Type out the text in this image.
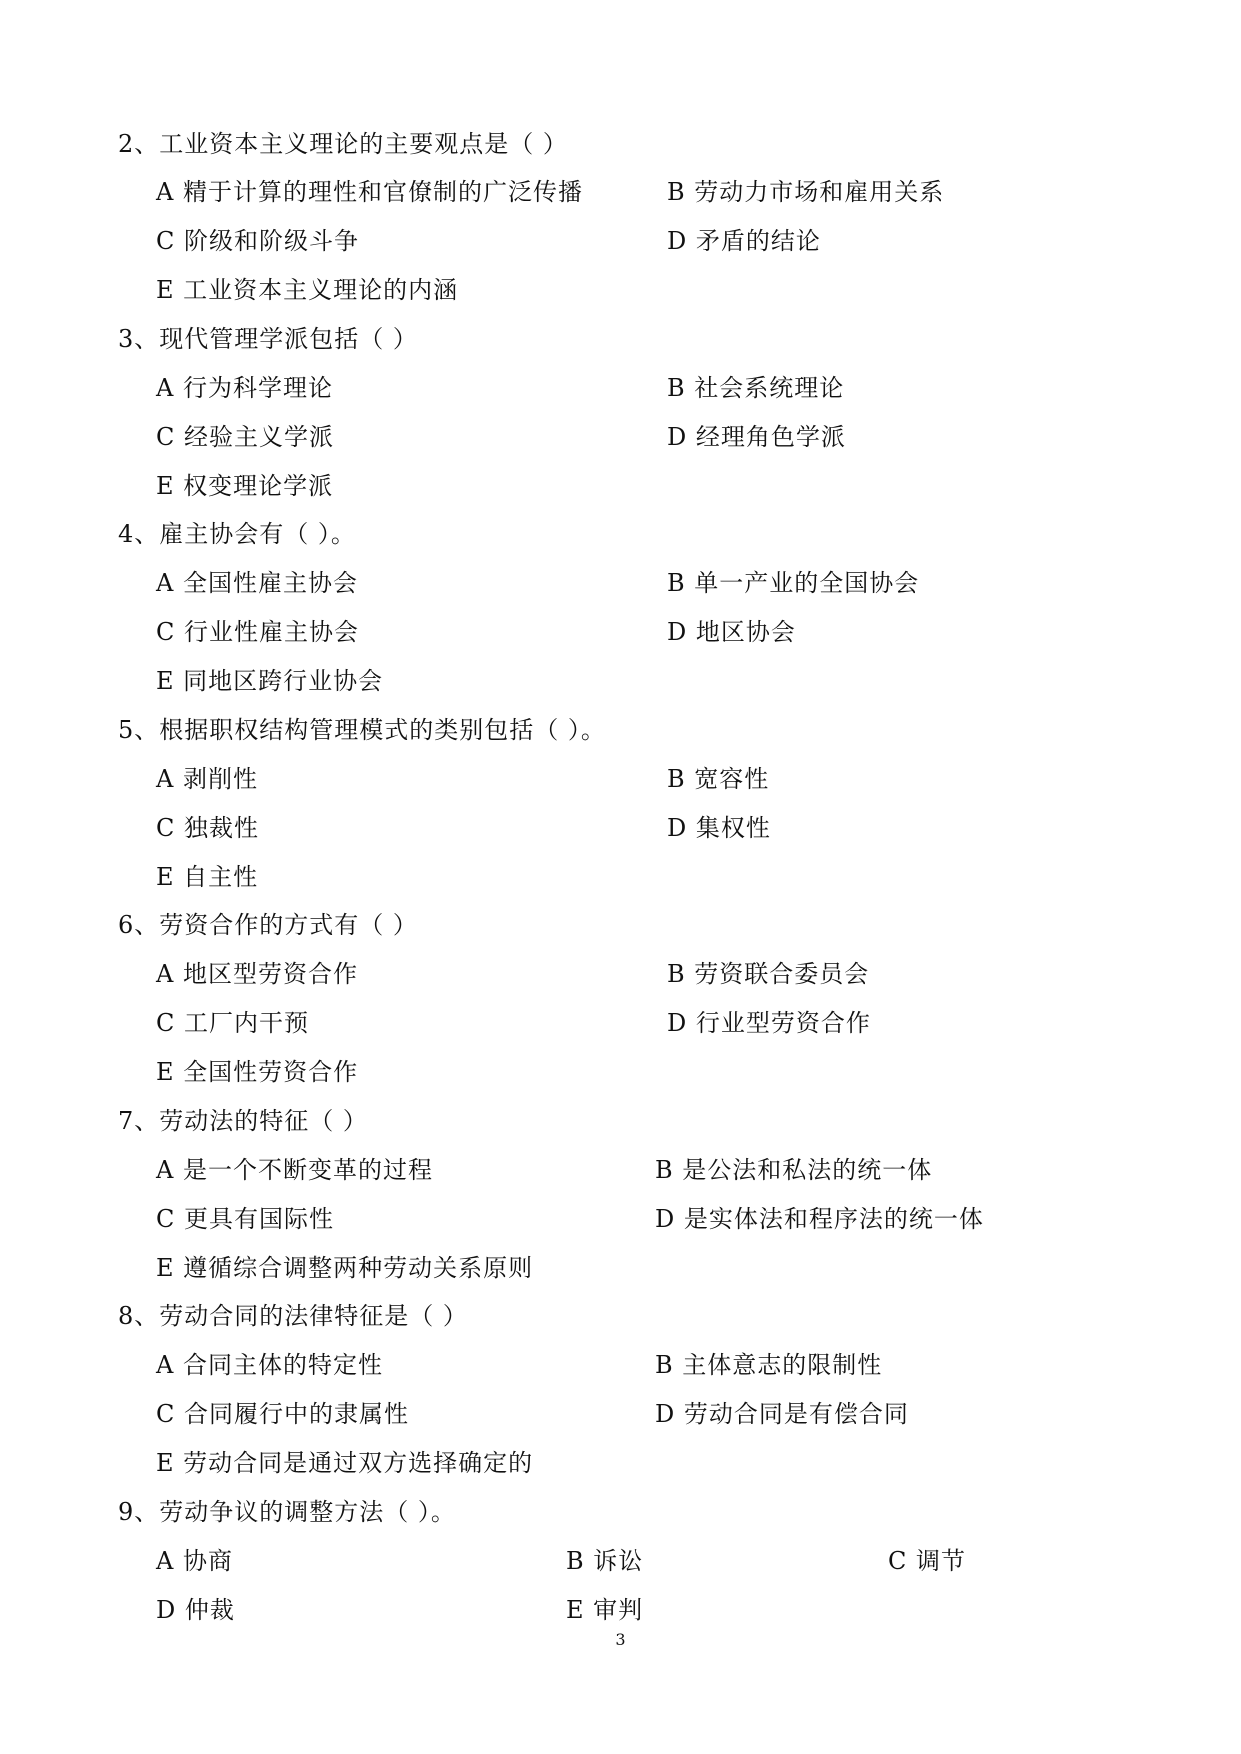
2、工业资本主义理论的主要观点是（ ）
A 精于计算的理性和官僚制的广泛传播	B 劳动力市场和雇用关系
C 阶级和阶级斗争	D 矛盾的结论
E 工业资本主义理论的内涵
3、现代管理学派包括（ ）
A 行为科学理论	B 社会系统理论
C 经验主义学派	D 经理角色学派
E 权变理论学派
4、雇主协会有（ ）。
A 全国性雇主协会	B 单一产业的全国协会
C 行业性雇主协会	D 地区协会
E 同地区跨行业协会
5、根据职权结构管理模式的类别包括（ ）。
A 剥削性	B 宽容性
C 独裁性	D 集权性
E 自主性
6、劳资合作的方式有（ ）
A 地区型劳资合作	B 劳资联合委员会
C 工厂内干预	D 行业型劳资合作
E 全国性劳资合作
7、劳动法的特征（ ）
A 是一个不断变革的过程	B 是公法和私法的统一体
C 更具有国际性	D 是实体法和程序法的统一体
E 遵循综合调整两种劳动关系原则
8、劳动合同的法律特征是（ ）
A 合同主体的特定性	B 主体意志的限制性
C 合同履行中的隶属性	D 劳动合同是有偿合同
E 劳动合同是通过双方选择确定的
9、劳动争议的调整方法（ ）。
A 协商	B 诉讼	C 调节
D 仲裁	E 审判
3
